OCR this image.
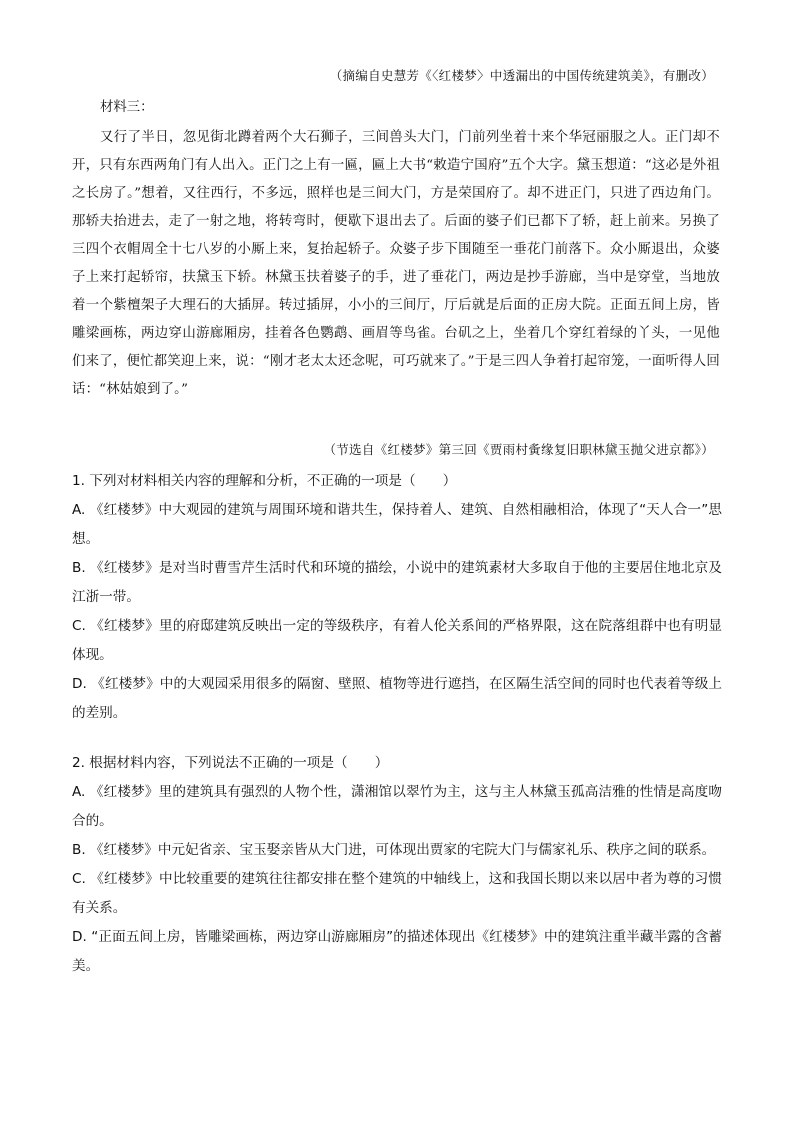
（摘编自史慧芳《〈红楼梦〉中透漏出的中国传统建筑美》，有删改）
材料三：
又行了半日，忽见街北蹲着两个大石狮子，三间兽头大门，门前列坐着十来个华冠丽服之人。正门却不开，只有东西两角门有人出入。正门之上有一匾，匾上大书“敕造宁国府”五个大字。黛玉想道：“这必是外祖之长房了。”想着，又往西行，不多远，照样也是三间大门，方是荣国府了。却不进正门，只进了西边角门。那轿夫抬进去，走了一射之地，将转弯时，便歇下退出去了。后面的婆子们已都下了轿，赶上前来。另换了三四个衣帽周全十七八岁的小厮上来，复抬起轿子。众婆子步下围随至一垂花门前落下。众小厮退出，众婆子上来打起轿帘，扶黛玉下轿。林黛玉扶着婆子的手，进了垂花门，两边是抄手游廊，当中是穿堂，当地放着一个紫檀架子大理石的大插屏。转过插屏，小小的三间厅，厅后就是后面的正房大院。正面五间上房，皆雕梁画栋，两边穿山游廊厢房，挂着各色鹦鹉、画眉等鸟雀。台矶之上，坐着几个穿红着绿的丫头，一见他们来了，便忙都笑迎上来，说：“刚才老太太还念呢，可巧就来了。”于是三四人争着打起帘笼，一面听得人回话：“林姑娘到了。”
（节选自《红楼梦》第三回《贾雨村夤缘复旧职林黛玉抛父进京都》）

1. 下列对材料相关内容的理解和分析，不正确的一项是（　　）

A. 《红楼梦》中大观园的建筑与周围环境和谐共生，保持着人、建筑、自然相融相洽，体现了“天人合一”思想。

B. 《红楼梦》是对当时曹雪芹生活时代和环境的描绘，小说中的建筑素材大多取自于他的主要居住地北京及江浙一带。

C. 《红楼梦》里的府邸建筑反映出一定的等级秩序，有着人伦关系间的严格界限，这在院落组群中也有明显体现。

D. 《红楼梦》中的大观园采用很多的隔窗、壁照、植物等进行遮挡，在区隔生活空间的同时也代表着等级上的差别。

2. 根据材料内容，下列说法不正确的一项是（　　）

A. 《红楼梦》里的建筑具有强烈的人物个性，潇湘馆以翠竹为主，这与主人林黛玉孤高洁雅的性情是高度吻合的。

B. 《红楼梦》中元妃省亲、宝玉娶亲皆从大门进，可体现出贾家的宅院大门与儒家礼乐、秩序之间的联系。

C. 《红楼梦》中比较重要的建筑往往都安排在整个建筑的中轴线上，这和我国长期以来以居中者为尊的习惯有关系。

D. “正面五间上房，皆雕梁画栋，两边穿山游廊厢房”的描述体现出《红楼梦》中的建筑注重半藏半露的含蓄美。
